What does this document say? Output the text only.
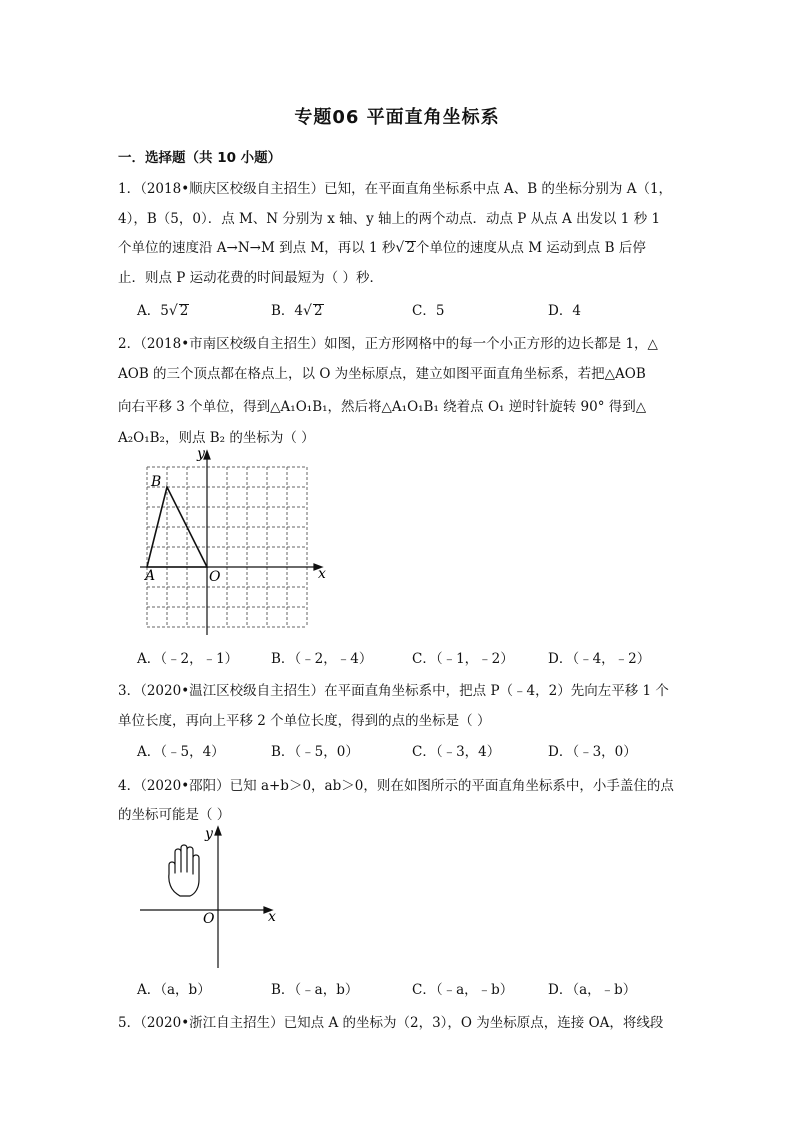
专题06 平面直角坐标系
一．选择题（共 10 小题）
1．（2018•顺庆区校级自主招生）已知，在平面直角坐标系中点 A、B 的坐标分别为 A（1，
4），B（5，0）．点 M、N 分别为 x 轴、y 轴上的两个动点．动点 P 从点 A 出发以 1 秒 1
个单位的速度沿 A→N→M 到点 M，再以 1 秒√ 2个单位的速度从点 M 运动到点 B 后停
止．则点 P 运动花费的时间最短为（ ）秒．
A．5√ 2	B．4√ 2	C．5	D．4
2．（2018•市南区校级自主招生）如图，正方形网格中的每一个小正方形的边长都是 1，△
AOB 的三个顶点都在格点上，以 O 为坐标原点，建立如图平面直角坐标系，若把△AOB
向右平移 3 个单位，得到△A₁O₁B₁，然后将△A₁O₁B₁ 绕着点 O₁ 逆时针旋转 90° 得到△
A₂O₁B₂，则点 B₂ 的坐标为（ ）
y
x
B
A	O
A．（﹣2，﹣1） B．（﹣2，﹣4）	C．（﹣1，﹣2）	D．（﹣4，﹣2）
3．（2020•温江区校级自主招生）在平面直角坐标系中，把点 P（﹣4，2）先向左平移 1 个
单位长度，再向上平移 2 个单位长度，得到的点的坐标是（ ）
A．（﹣5，4）	B．（﹣5，0）	C．（﹣3，4）	D．（﹣3，0）
4．（2020•邵阳）已知 a+b＞0，ab＞0，则在如图所示的平面直角坐标系中，小手盖住的点
的坐标可能是（ ）
y
x
O
A．（a，b）	B．（﹣a，b）	C．（﹣a，﹣b）	D．（a，﹣b）
5．（2020•浙江自主招生）已知点 A 的坐标为（2，3），O 为坐标原点，连接 OA，将线段
